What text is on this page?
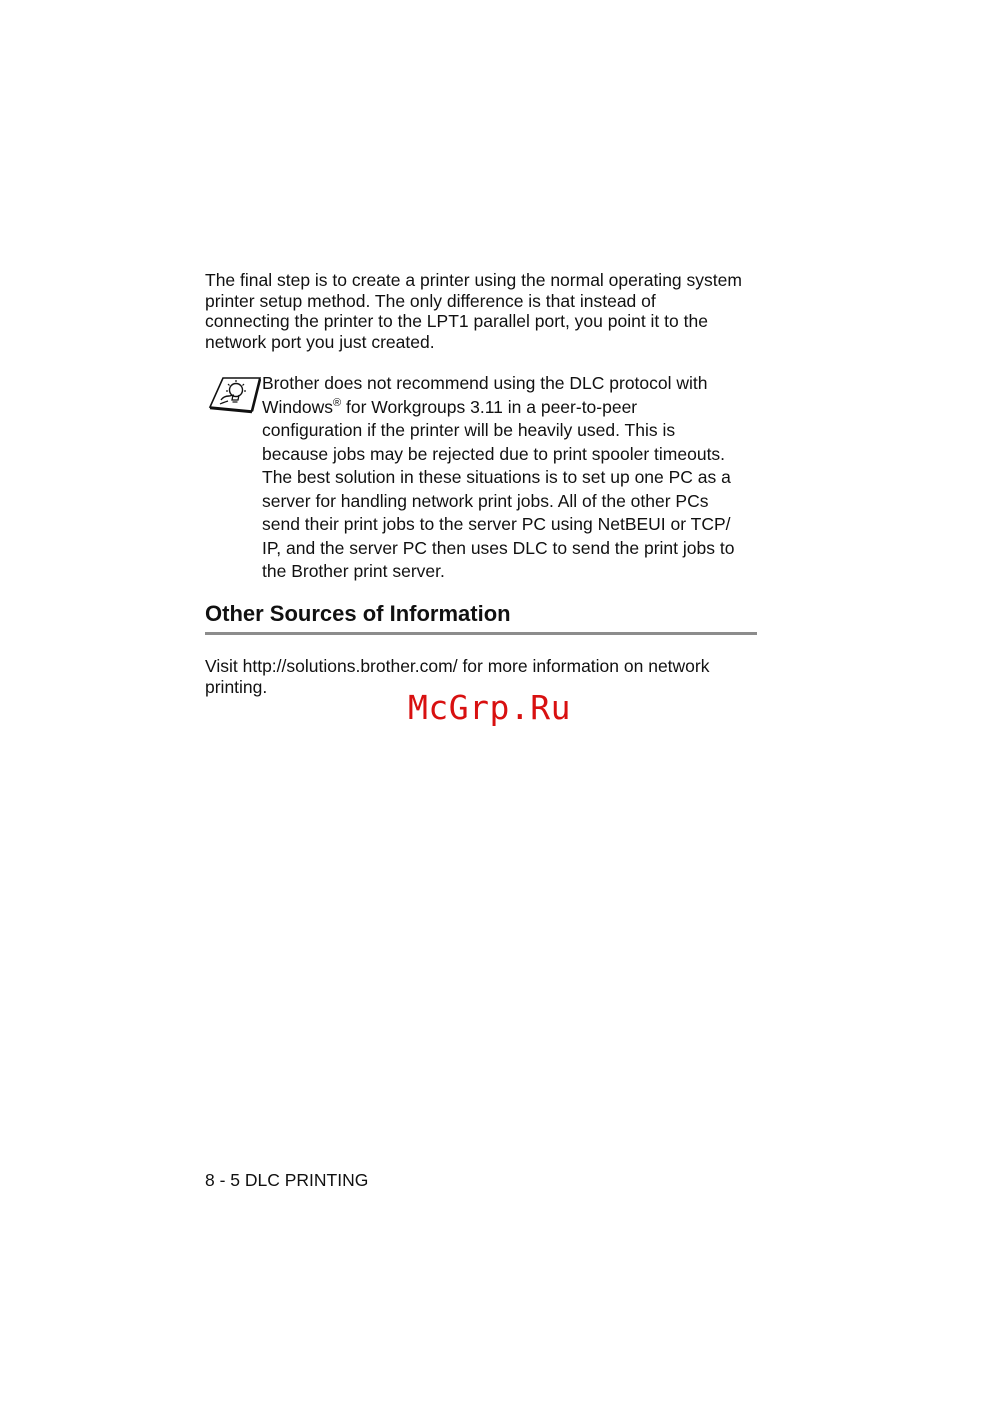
The final step is to create a printer using the normal operating system
printer setup method. The only difference is that instead of
connecting the printer to the LPT1 parallel port, you point it to the
network port you just created.
Brother does not recommend using the DLC protocol with
Windows® for Workgroups 3.11 in a peer-to-peer
configuration if the printer will be heavily used. This is
because jobs may be rejected due to print spooler timeouts.
The best solution in these situations is to set up one PC as a
server for handling network print jobs. All of the other PCs
send their print jobs to the server PC using NetBEUI or TCP/
IP, and the server PC then uses DLC to send the print jobs to
the Brother print server.
Other Sources of Information
Visit http://solutions.brother.com/ for more information on network
printing.
McGrp.Ru
8 - 5 DLC PRINTING
